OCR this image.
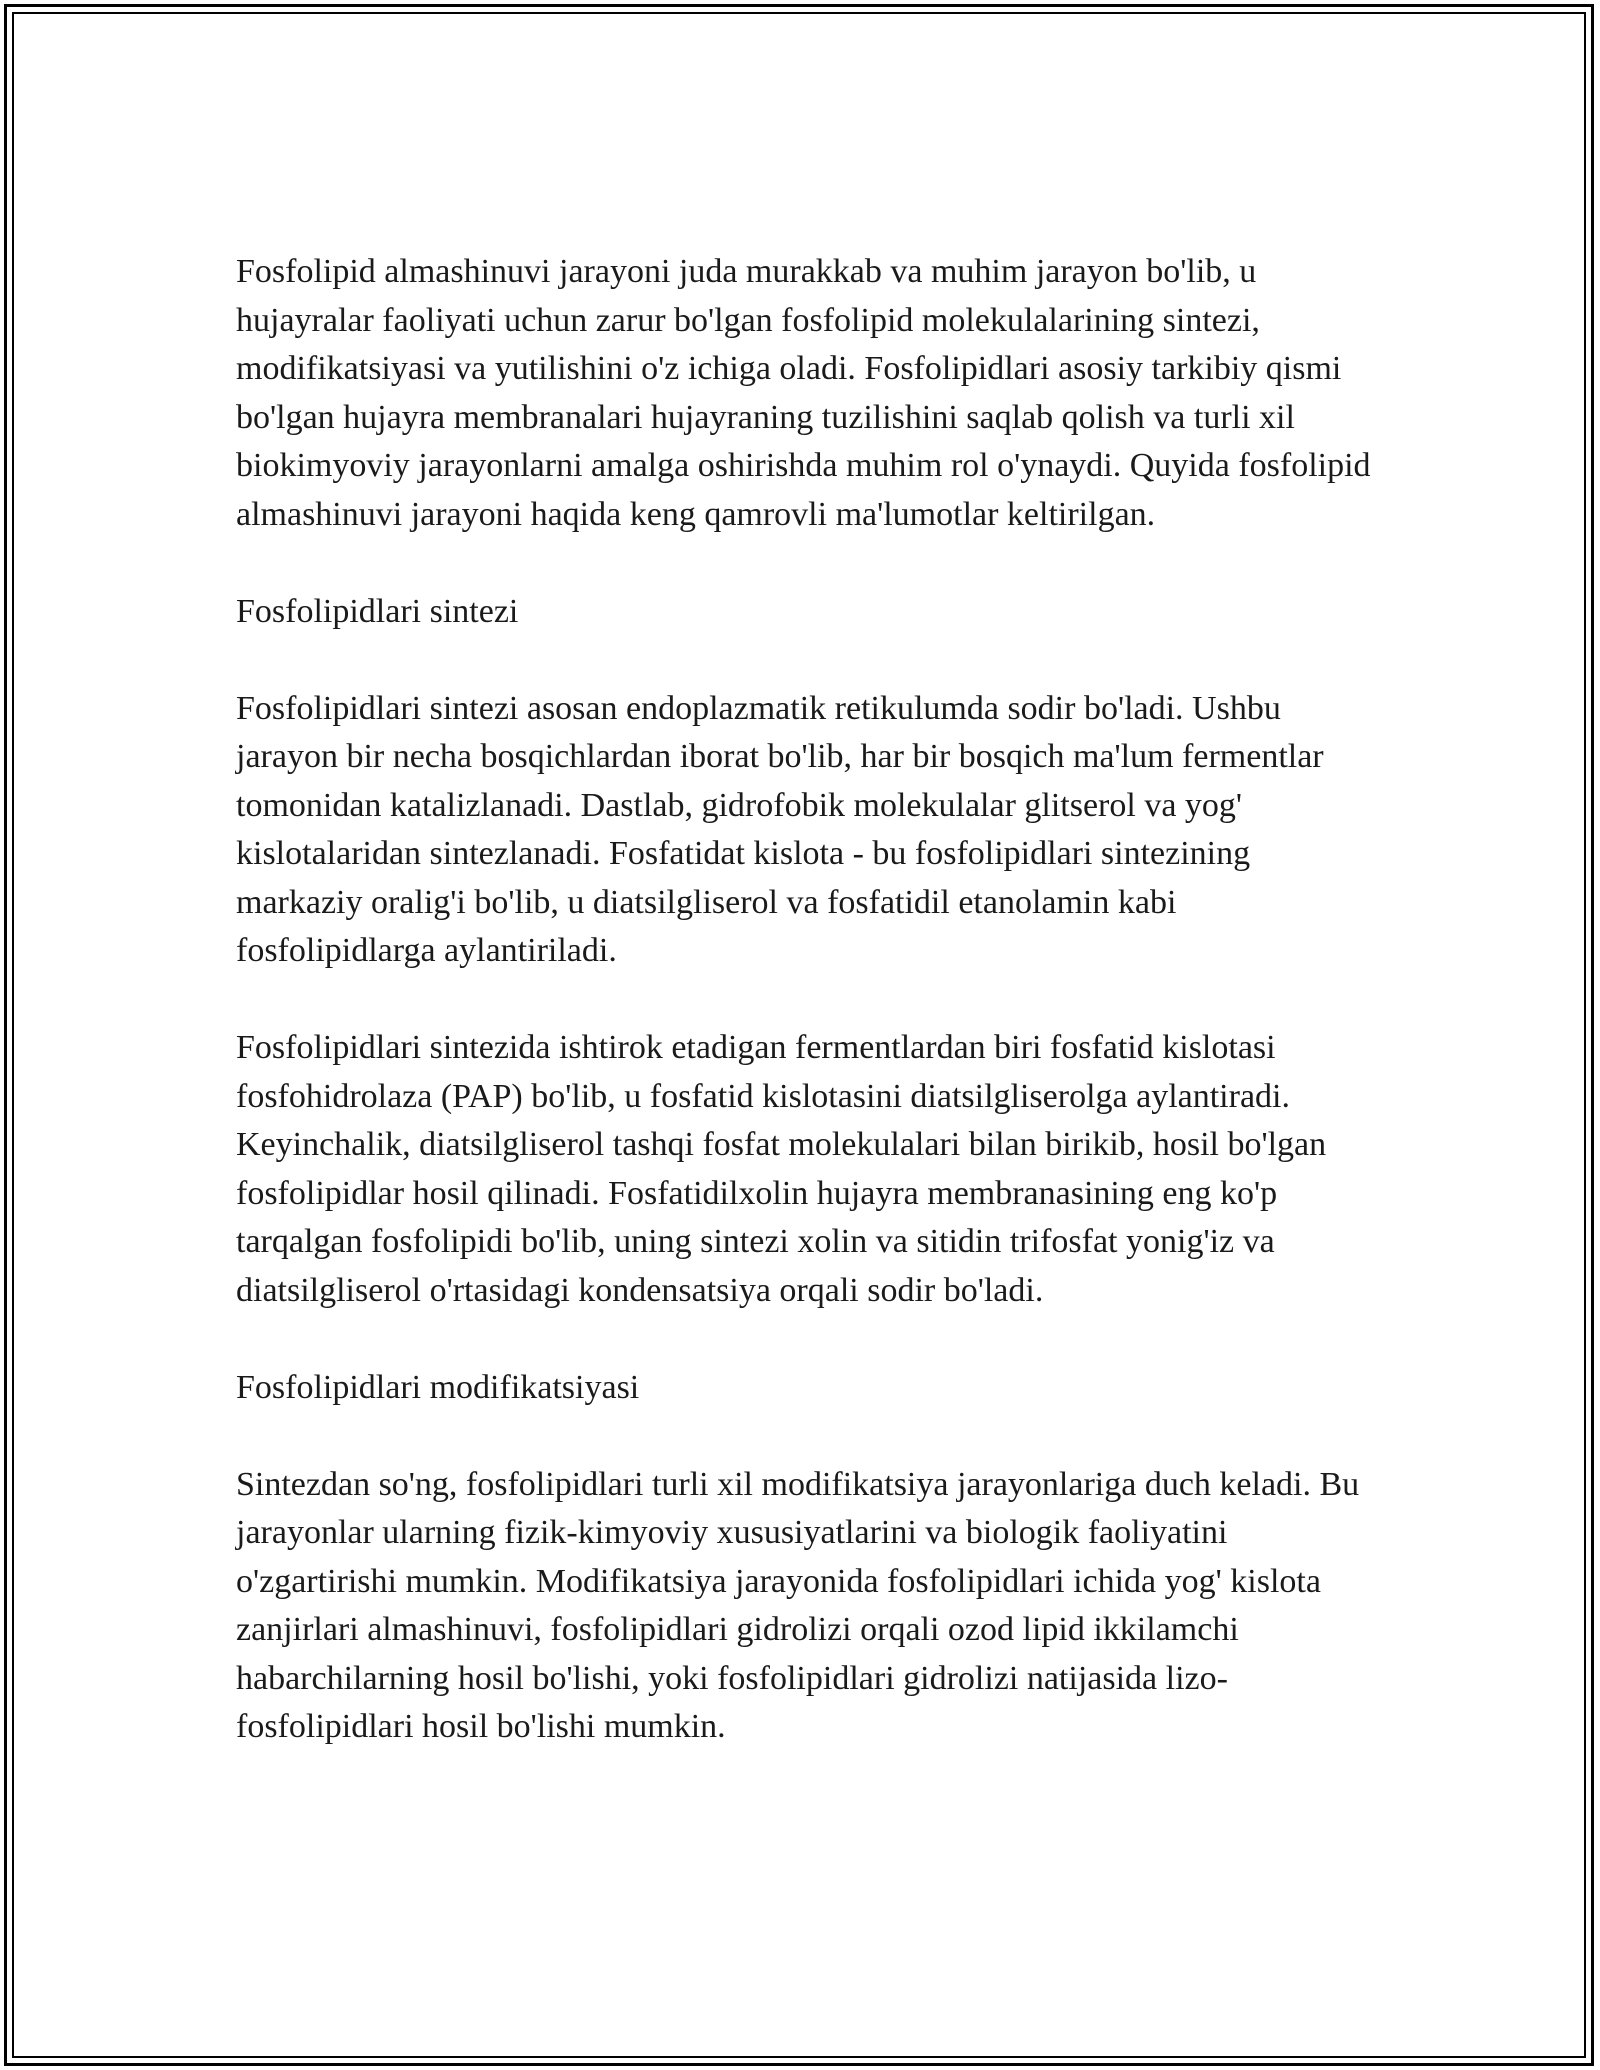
Fosfolipid almashinuvi jarayoni juda murakkab va muhim jarayon bo'lib, u hujayralar faoliyati uchun zarur bo'lgan fosfolipid molekulalarining sintezi, modifikatsiyasi va yutilishini o'z ichiga oladi. Fosfolipidlari asosiy tarkibiy qismi bo'lgan hujayra membranalari hujayraning tuzilishini saqlab qolish va turli xil biokimyoviy jarayonlarni amalga oshirishda muhim rol o'ynaydi. Quyida fosfolipid almashinuvi jarayoni haqida keng qamrovli ma'lumotlar keltirilgan.

Fosfolipidlari sintezi

Fosfolipidlari sintezi asosan endoplazmatik retikulumda sodir bo'ladi. Ushbu jarayon bir necha bosqichlardan iborat bo'lib, har bir bosqich ma'lum fermentlar tomonidan katalizlanadi. Dastlab, gidrofobik molekulalar glitserol va yog' kislotalaridan sintezlanadi. Fosfatidat kislota - bu fosfolipidlari sintezining markaziy oralig'i bo'lib, u diatsilgliserol va fosfatidil etanolamin kabi fosfolipidlarga aylantiriladi.

Fosfolipidlari sintezida ishtirok etadigan fermentlardan biri fosfatid kislotasi fosfohidrolaza (PAP) bo'lib, u fosfatid kislotasini diatsilgliserolga aylantiradi. Keyinchalik, diatsilgliserol tashqi fosfat molekulalari bilan birikib, hosil bo'lgan fosfolipidlar hosil qilinadi. Fosfatidilxolin hujayra membranasining eng ko'p tarqalgan fosfolipidi bo'lib, uning sintezi xolin va sitidin trifosfat yonig'iz va diatsilgliserol o'rtasidagi kondensatsiya orqali sodir bo'ladi.

Fosfolipidlari modifikatsiyasi

Sintezdan so'ng, fosfolipidlari turli xil modifikatsiya jarayonlariga duch keladi. Bu jarayonlar ularning fizik-kimyoviy xususiyatlarini va biologik faoliyatini o'zgartirishi mumkin. Modifikatsiya jarayonida fosfolipidlari ichida yog' kislota zanjirlari almashinuvi, fosfolipidlari gidrolizi orqali ozod lipid ikkilamchi habarchilarning hosil bo'lishi, yoki fosfolipidlari gidrolizi natijasida lizo-fosfolipidlari hosil bo'lishi mumkin.
